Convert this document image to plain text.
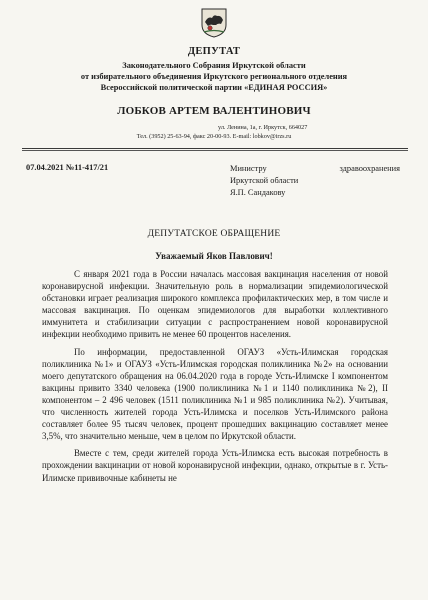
ДЕПУТАТ
Законодательного Собрания Иркутской области
от избирательного объединения Иркутского регионального отделения
Всероссийской политической партии «ЕДИНАЯ РОССИЯ»
ЛОБКОВ АРТЕМ ВАЛЕНТИНОВИЧ
ул. Ленина, 1а, г. Иркутск, 664027
Тел. (3952) 25-63-94, факс 20-00-93. E-mail: lobkov@irzs.ru
07.04.2021 №11-417/21	Министру здравоохранения
Иркутской области
Я.П. Сандакову
ДЕПУТАТСКОЕ ОБРАЩЕНИЕ
Уважаемый Яков Павлович!

С января 2021 года в России началась массовая вакцинация населения от новой коронавирусной инфекции. Значительную роль в нормализации эпидемиологической обстановки играет реализация широкого комплекса профилактических мер, в том числе и массовая вакцинация. По оценкам эпидемиологов для выработки коллективного иммунитета и стабилизации ситуации с распространением новой коронавирусной инфекции необходимо привить не менее 60 процентов населения.

По информации, предоставленной ОГАУЗ «Усть-Илимская городская поликлиника №1» и ОГАУЗ «Усть-Илимская городская поликлиника №2» на основании моего депутатского обращения на 06.04.2020 года в городе Усть-Илимске I компонентом вакцины привито 3340 человека (1900 поликлиника №1 и 1140 поликлиника №2), II компонентом – 2 496 человек (1511 поликлиника №1 и 985 поликлиника №2). Учитывая, что численность жителей города Усть-Илимска и поселков Усть-Илимского района составляет более 95 тысяч человек, процент прошедших вакцинацию составляет менее 3,5%, что значительно меньше, чем в целом по Иркутской области.

Вместе с тем, среди жителей города Усть-Илимска есть высокая потребность в прохождении вакцинации от новой коронавирусной инфекции, однако, открытые в г. Усть-Илимске прививочные кабинеты не
